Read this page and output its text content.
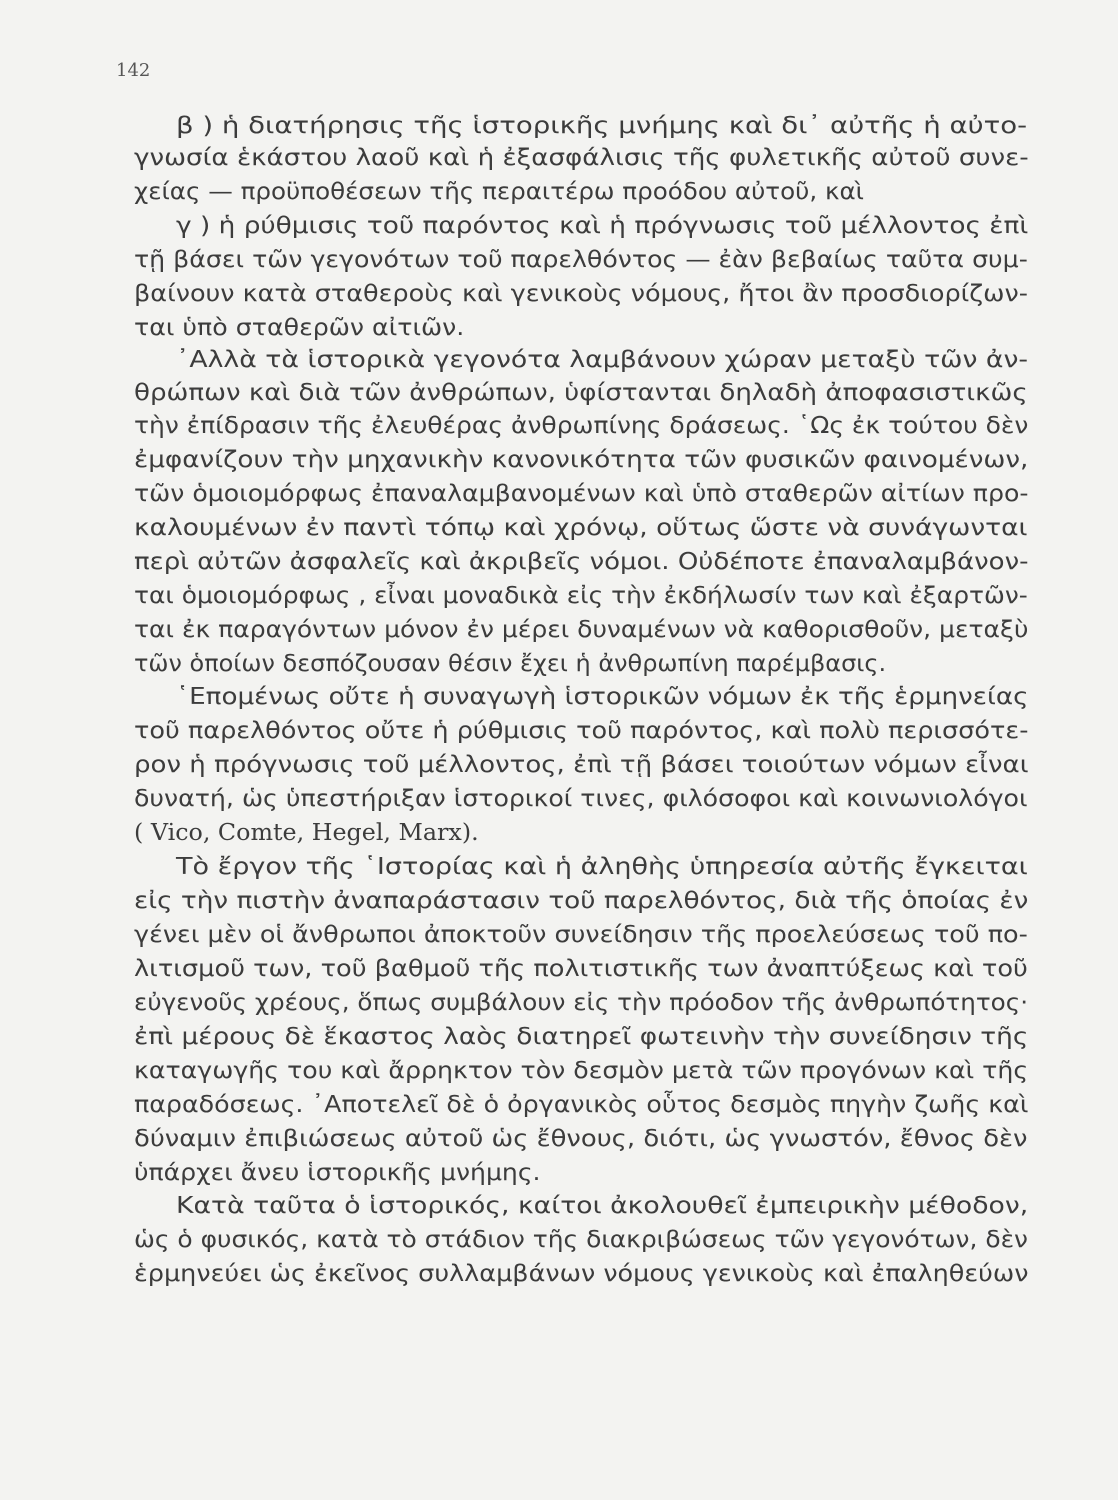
142
β ) ἡ διατήρησις τῆς ἱστορικῆς μνήμης καὶ δι᾽ αὐτῆς ἡ αὐτο-
γνωσία ἑκάστου λαοῦ καὶ ἡ ἐξασφάλισις τῆς φυλετικῆς αὐτοῦ συνε-
χείας — προϋποθέσεων τῆς περαιτέρω προόδου αὐτοῦ, καὶ
γ ) ἡ ρύθμισις τοῦ παρόντος καὶ ἡ πρόγνωσις τοῦ μέλλοντος ἐπὶ
τῇ βάσει τῶν γεγονότων τοῦ παρελθόντος — ἐὰν βεβαίως ταῦτα συμ-
βαίνουν κατὰ σταθεροὺς καὶ γενικοὺς νόμους, ἤτοι ἂν προσδιορίζων-
ται ὑπὸ σταθερῶν αἰτιῶν.
᾿Αλλὰ τὰ ἱστορικὰ γεγονότα λαμβάνουν χώραν μεταξὺ τῶν ἀν-
θρώπων καὶ διὰ τῶν ἀνθρώπων, ὑφίστανται δηλαδὴ ἀποφασιστικῶς
τὴν ἐπίδρασιν τῆς ἐλευθέρας ἀνθρωπίνης δράσεως. ῾Ως ἐκ τούτου δὲν
ἐμφανίζουν τὴν μηχανικὴν κανονικότητα τῶν φυσικῶν φαινομένων,
τῶν ὁμοιομόρφως ἐπαναλαμβανομένων καὶ ὑπὸ σταθερῶν αἰτίων προ-
καλουμένων ἐν παντὶ τόπῳ καὶ χρόνῳ, οὕτως ὥστε νὰ συνάγωνται
περὶ αὐτῶν ἀσφαλεῖς καὶ ἀκριβεῖς νόμοι. Οὐδέποτε ἐπαναλαμβάνον-
ται ὁμοιομόρφως , εἶναι μοναδικὰ εἰς τὴν ἐκδήλωσίν των καὶ ἐξαρτῶν-
ται ἐκ παραγόντων μόνον ἐν μέρει δυναμένων νὰ καθορισθοῦν, μεταξὺ
τῶν ὁποίων δεσπόζουσαν θέσιν ἔχει ἡ ἀνθρωπίνη παρέμβασις.
῾Επομένως οὔτε ἡ συναγωγὴ ἱστορικῶν νόμων ἐκ τῆς ἑρμηνείας
τοῦ παρελθόντος οὔτε ἡ ρύθμισις τοῦ παρόντος, καὶ πολὺ περισσότε-
ρον ἡ πρόγνωσις τοῦ μέλλοντος, ἐπὶ τῇ βάσει τοιούτων νόμων εἶναι
δυνατή, ὡς ὑπεστήριξαν ἱστορικοί τινες, φιλόσοφοι καὶ κοινωνιολόγοι
( Vico, Comte, Hegel, Marx).
Τὸ ἔργον τῆς ῾Ιστορίας καὶ ἡ ἀληθὴς ὑπηρεσία αὐτῆς ἔγκειται
εἰς τὴν πιστὴν ἀναπαράστασιν τοῦ παρελθόντος, διὰ τῆς ὁποίας ἐν
γένει μὲν οἱ ἄνθρωποι ἀποκτοῦν συνείδησιν τῆς προελεύσεως τοῦ πο-
λιτισμοῦ των, τοῦ βαθμοῦ τῆς πολιτιστικῆς των ἀναπτύξεως καὶ τοῦ
εὐγενοῦς χρέους, ὅπως συμβάλουν εἰς τὴν πρόοδον τῆς ἀνθρωπότητος·
ἐπὶ μέρους δὲ ἕκαστος λαὸς διατηρεῖ φωτεινὴν τὴν συνείδησιν τῆς
καταγωγῆς του καὶ ἄρρηκτον τὸν δεσμὸν μετὰ τῶν προγόνων καὶ τῆς
παραδόσεως. ᾿Αποτελεῖ δὲ ὁ ὀργανικὸς οὗτος δεσμὸς πηγὴν ζωῆς καὶ
δύναμιν ἐπιβιώσεως αὐτοῦ ὡς ἔθνους, διότι, ὡς γνωστόν, ἔθνος δὲν
ὑπάρχει ἄνευ ἱστορικῆς μνήμης.
Κατὰ ταῦτα ὁ ἱστορικός, καίτοι ἀκολουθεῖ ἐμπειρικὴν μέθοδον,
ὡς ὁ φυσικός, κατὰ τὸ στάδιον τῆς διακριβώσεως τῶν γεγονότων, δὲν
ἑρμηνεύει ὡς ἐκεῖνος συλλαμβάνων νόμους γενικοὺς καὶ ἐπαληθεύων
